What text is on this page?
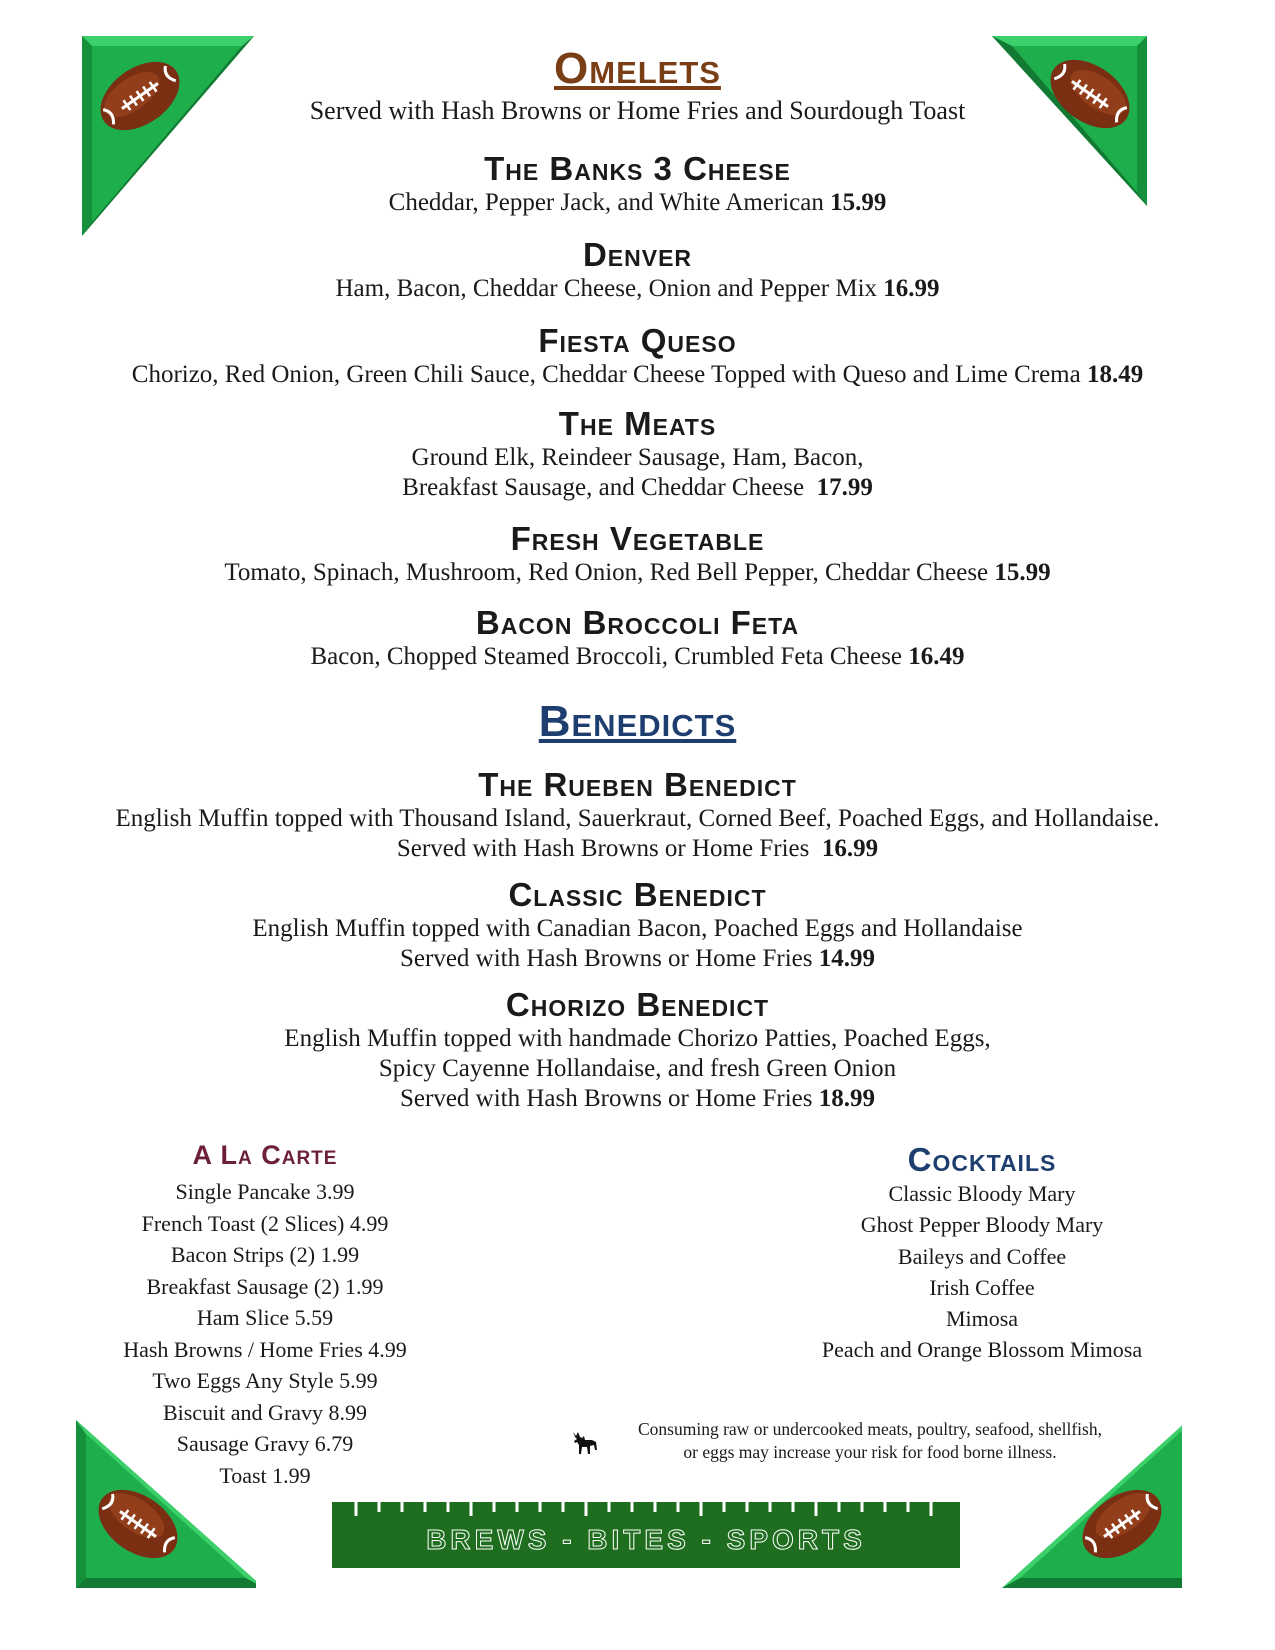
Omelets
Served with Hash Browns or Home Fries and Sourdough Toast
The Banks 3 Cheese
Cheddar, Pepper Jack, and White American 15.99
Denver
Ham, Bacon, Cheddar Cheese, Onion and Pepper Mix 16.99
Fiesta Queso
Chorizo, Red Onion, Green Chili Sauce, Cheddar Cheese Topped with Queso and Lime Crema 18.49
The Meats
Ground Elk, Reindeer Sausage, Ham, Bacon,
Breakfast Sausage, and Cheddar Cheese 17.99
Fresh Vegetable
Tomato, Spinach, Mushroom, Red Onion, Red Bell Pepper, Cheddar Cheese 15.99
Bacon Broccoli Feta
Bacon, Chopped Steamed Broccoli, Crumbled Feta Cheese 16.49
Benedicts
The Rueben Benedict
English Muffin topped with Thousand Island, Sauerkraut, Corned Beef, Poached Eggs, and Hollandaise.
Served with Hash Browns or Home Fries 16.99
Classic Benedict
English Muffin topped with Canadian Bacon, Poached Eggs and Hollandaise
Served with Hash Browns or Home Fries 14.99
Chorizo Benedict
English Muffin topped with handmade Chorizo Patties, Poached Eggs,
Spicy Cayenne Hollandaise, and fresh Green Onion
Served with Hash Browns or Home Fries 18.99
A La Carte
Single Pancake 3.99
French Toast (2 Slices) 4.99
Bacon Strips (2) 1.99
Breakfast Sausage (2) 1.99
Ham Slice 5.59
Hash Browns / Home Fries 4.99
Two Eggs Any Style 5.99
Biscuit and Gravy 8.99
Sausage Gravy 6.79
Toast 1.99
Cocktails
Classic Bloody Mary
Ghost Pepper Bloody Mary
Baileys and Coffee
Irish Coffee
Mimosa
Peach and Orange Blossom Mimosa
Consuming raw or undercooked meats, poultry, seafood, shellfish,
or eggs may increase your risk for food borne illness.
BREWS - BITES - SPORTS
